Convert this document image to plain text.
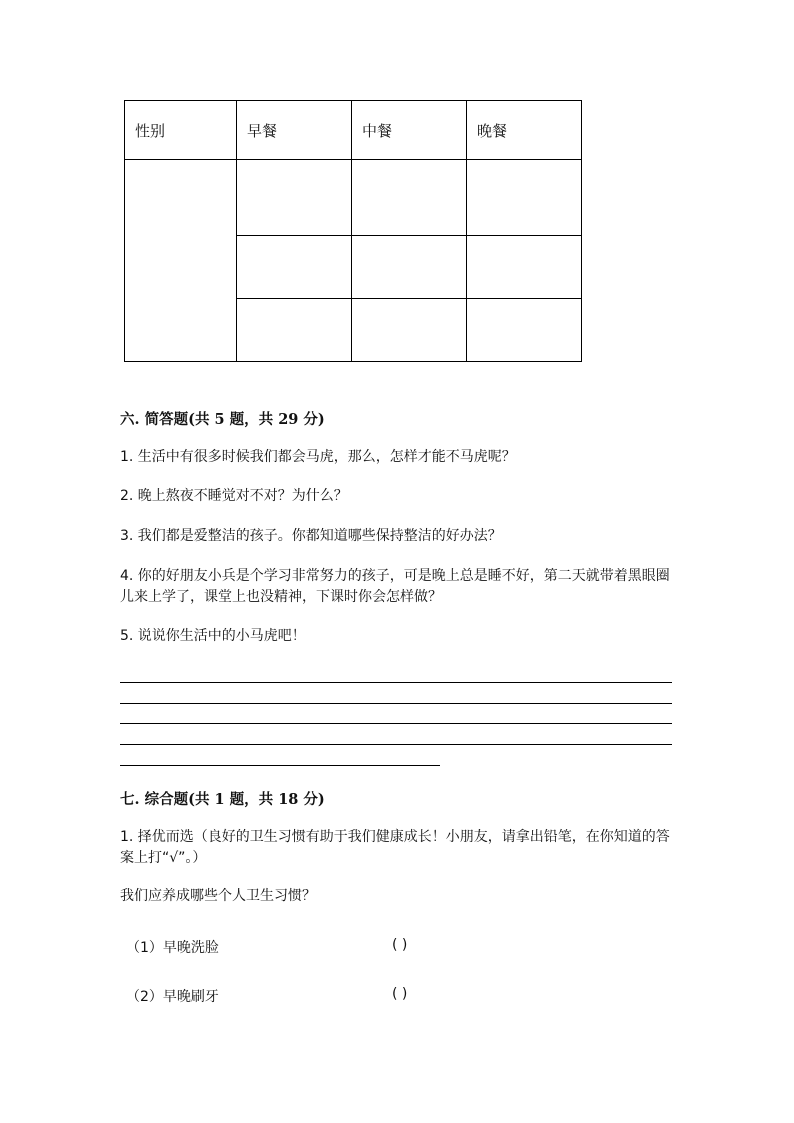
性别	早餐	中餐	晚餐

六. 简答题(共 5 题，共 29 分)
1. 生活中有很多时候我们都会马虎，那么，怎样才能不马虎呢？
2. 晚上熬夜不睡觉对不对？为什么？
3. 我们都是爱整洁的孩子。你都知道哪些保持整洁的好办法？
4. 你的好朋友小兵是个学习非常努力的孩子，可是晚上总是睡不好，第二天就带着黑眼圈儿来上学了，课堂上也没精神，下课时你会怎样做？
5. 说说你生活中的小马虎吧！
七. 综合题(共 1 题，共 18 分)
1. 择优而选（良好的卫生习惯有助于我们健康成长！小朋友，请拿出铅笔，在你知道的答案上打“√”。）
我们应养成哪些个人卫生习惯？
（1）早晚洗脸	( )
（2）早晚刷牙	( )
